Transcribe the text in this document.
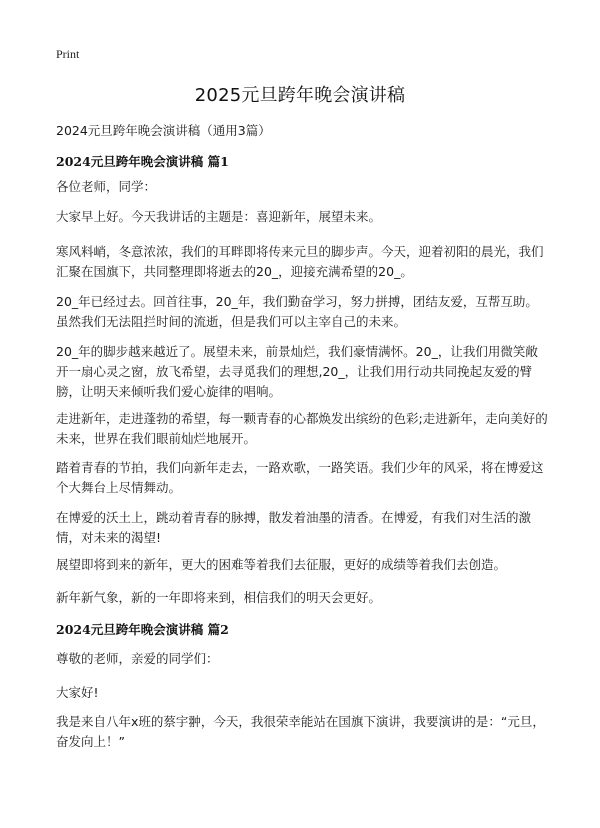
Print
2025元旦跨年晚会演讲稿
2024元旦跨年晚会演讲稿（通用3篇）
2024元旦跨年晚会演讲稿 篇1

各位老师，同学：

大家早上好。今天我讲话的主题是：喜迎新年，展望未来。

寒风料峭，冬意浓浓，我们的耳畔即将传来元旦的脚步声。今天，迎着初阳的晨光，我们汇聚在国旗下，共同整理即将逝去的20_，迎接充满希望的20_。

20_年已经过去。回首往事，20_年，我们勤奋学习，努力拼搏，团结友爱，互帮互助。虽然我们无法阻拦时间的流逝，但是我们可以主宰自己的未来。

20_年的脚步越来越近了。展望未来，前景灿烂，我们豪情满怀。20_，让我们用微笑敞开一扇心灵之窗，放飞希望，去寻觅我们的理想,20_，让我们用行动共同挽起友爱的臂膀，让明天来倾听我们爱心旋律的唱响。

走进新年，走进蓬勃的希望，每一颗青春的心都焕发出缤纷的色彩;走进新年，走向美好的未来，世界在我们眼前灿烂地展开。

踏着青春的节拍，我们向新年走去，一路欢歌，一路笑语。我们少年的风采，将在博爱这个大舞台上尽情舞动。

在博爱的沃土上，跳动着青春的脉搏，散发着油墨的清香。在博爱，有我们对生活的激情，对未来的渴望!

展望即将到来的新年，更大的困难等着我们去征服，更好的成绩等着我们去创造。

新年新气象，新的一年即将来到，相信我们的明天会更好。

2024元旦跨年晚会演讲稿 篇2

尊敬的老师，亲爱的同学们：

大家好!

我是来自八年x班的蔡宇翀，今天，我很荣幸能站在国旗下演讲，我要演讲的是：“元旦，奋发向上！”
